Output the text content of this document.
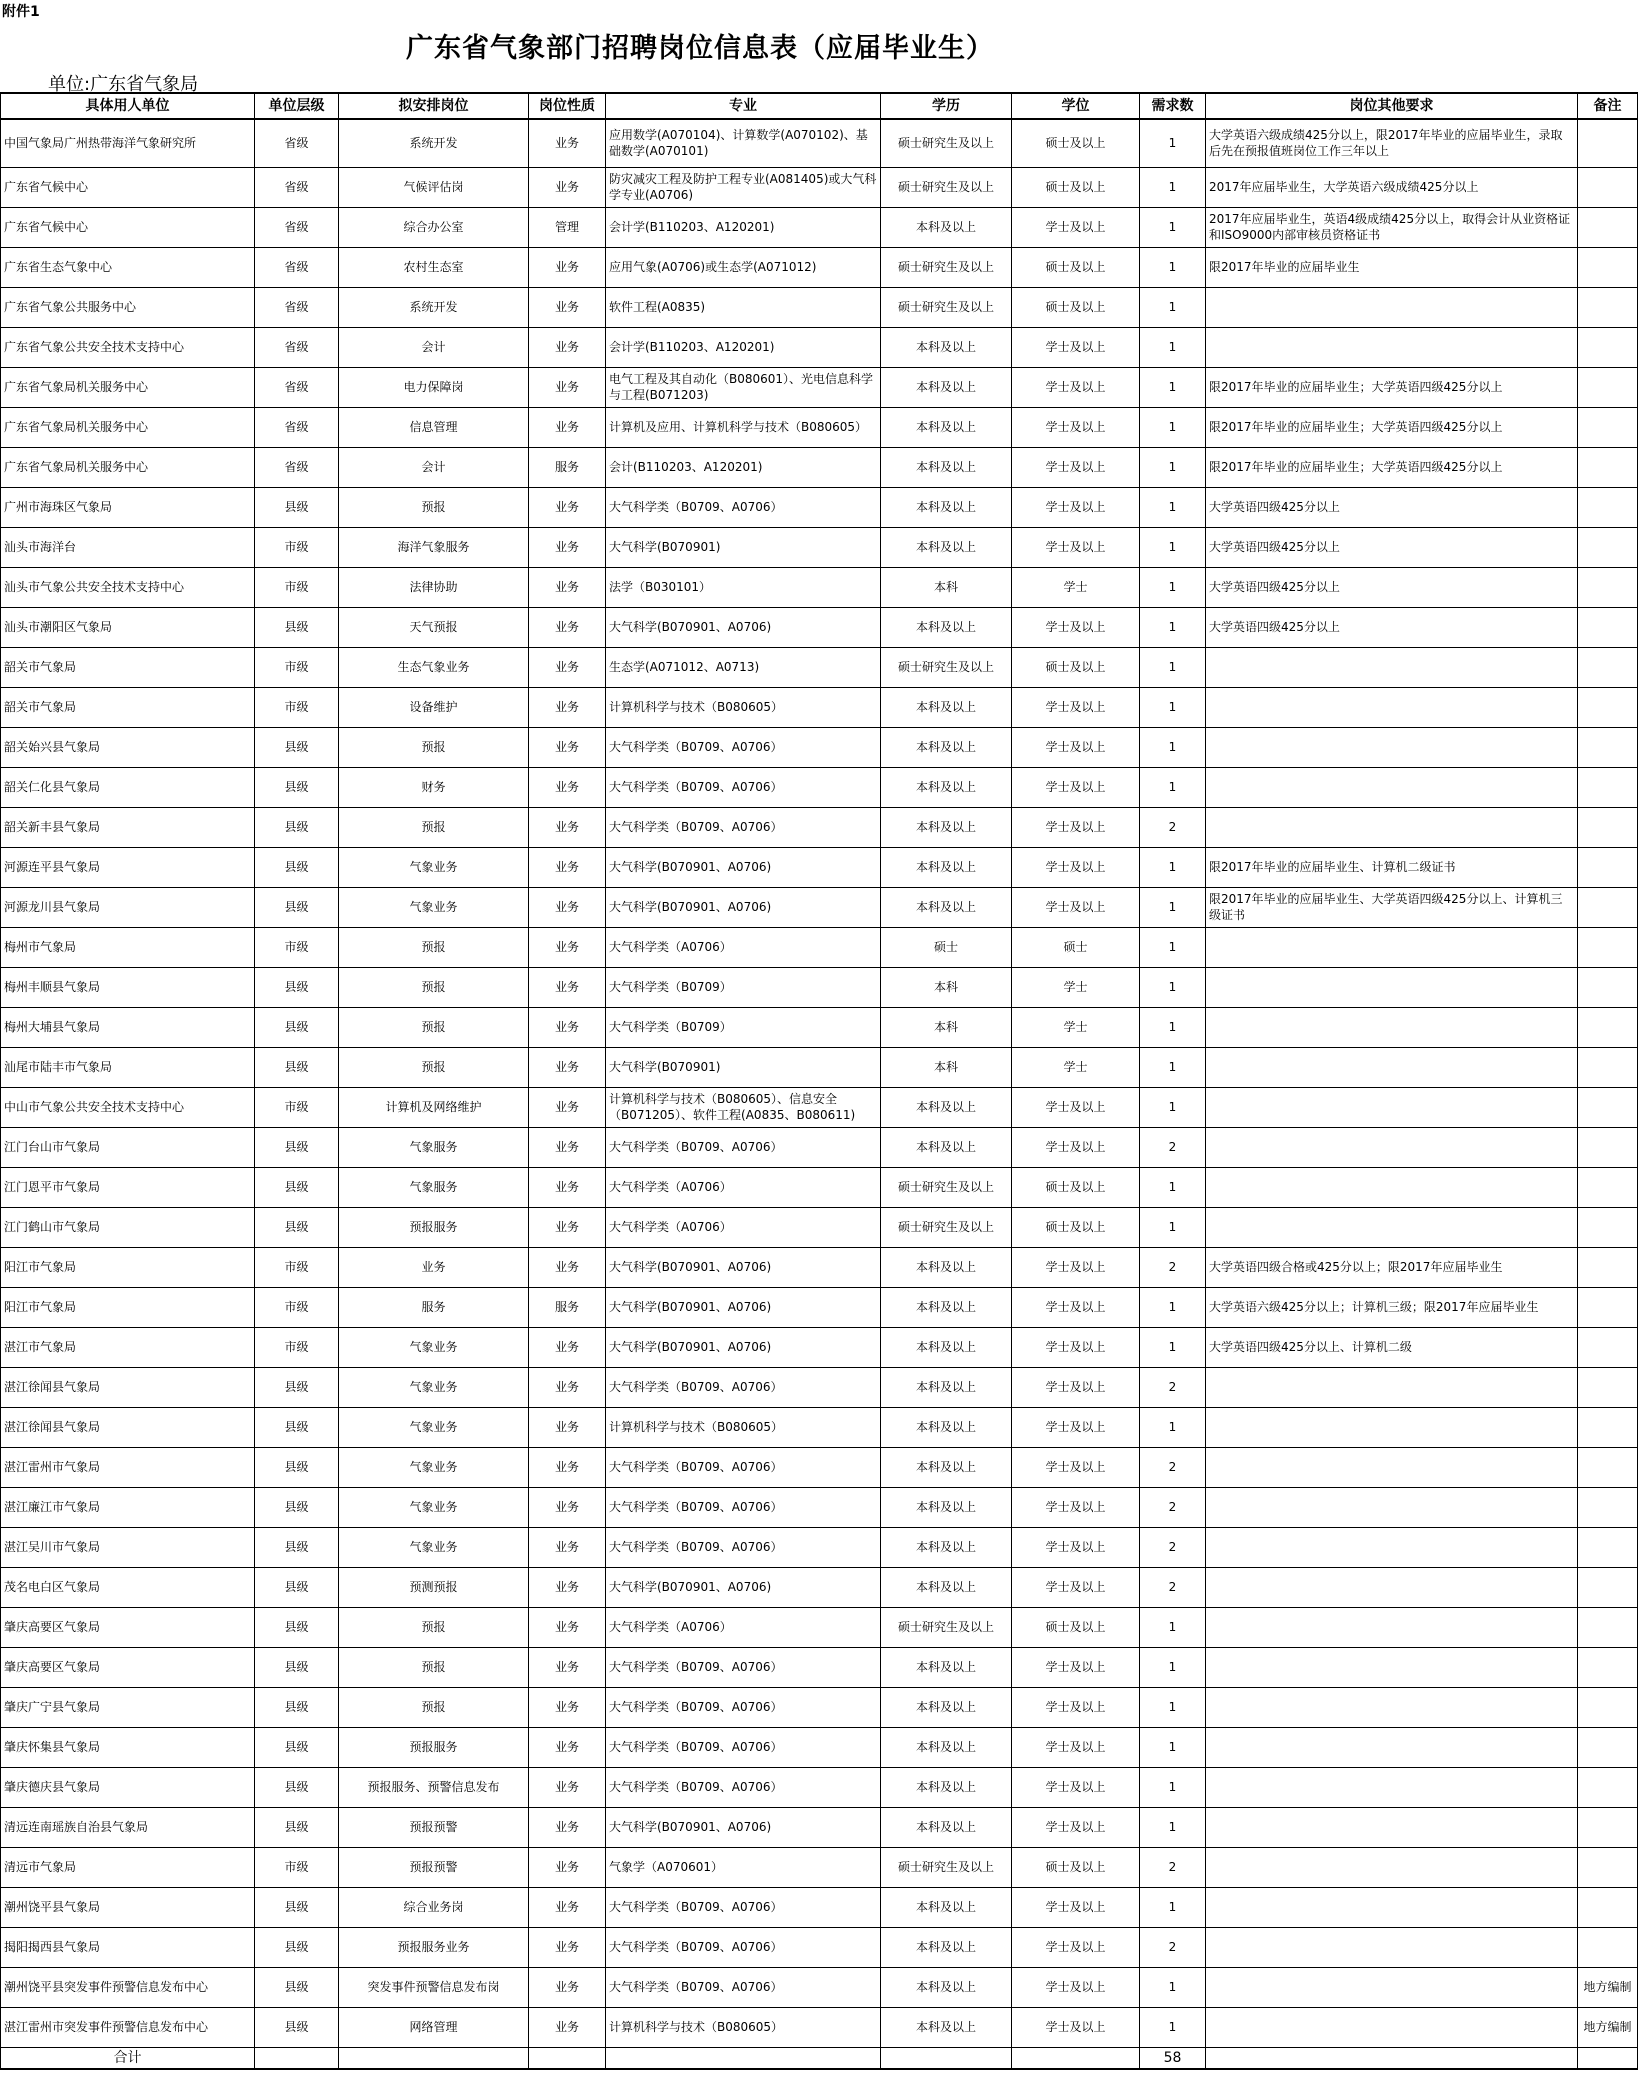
附件1
广东省气象部门招聘岗位信息表（应届毕业生）
单位:广东省气象局
具体用人单位	单位层级	拟安排岗位	岗位性质	专业	学历	学位	需求数	岗位其他要求	备注
中国气象局广州热带海洋气象研究所	省级	系统开发	业务	应用数学(A070104)、计算数学(A070102)、基础数学(A070101)	硕士研究生及以上	硕士及以上	1	大学英语六级成绩425分以上，限2017年毕业的应届毕业生，录取后先在预报值班岗位工作三年以上	
广东省气候中心	省级	气候评估岗	业务	防灾减灾工程及防护工程专业(A081405)或大气科学专业(A0706)	硕士研究生及以上	硕士及以上	1	2017年应届毕业生，大学英语六级成绩425分以上	
广东省气候中心	省级	综合办公室	管理	会计学(B110203、A120201)	本科及以上	学士及以上	1	2017年应届毕业生，英语4级成绩425分以上，取得会计从业资格证和ISO9000内部审核员资格证书	
广东省生态气象中心	省级	农村生态室	业务	应用气象(A0706)或生态学(A071012)	硕士研究生及以上	硕士及以上	1	限2017年毕业的应届毕业生	
广东省气象公共服务中心	省级	系统开发	业务	软件工程(A0835)	硕士研究生及以上	硕士及以上	1		
广东省气象公共安全技术支持中心	省级	会计	业务	会计学(B110203、A120201)	本科及以上	学士及以上	1		
广东省气象局机关服务中心	省级	电力保障岗	业务	电气工程及其自动化（B080601）、光电信息科学与工程(B071203)	本科及以上	学士及以上	1	限2017年毕业的应届毕业生；大学英语四级425分以上	
广东省气象局机关服务中心	省级	信息管理	业务	计算机及应用、计算机科学与技术（B080605）	本科及以上	学士及以上	1	限2017年毕业的应届毕业生；大学英语四级425分以上	
广东省气象局机关服务中心	省级	会计	服务	会计(B110203、A120201)	本科及以上	学士及以上	1	限2017年毕业的应届毕业生；大学英语四级425分以上	
广州市海珠区气象局	县级	预报	业务	大气科学类（B0709、A0706）	本科及以上	学士及以上	1	大学英语四级425分以上	
汕头市海洋台	市级	海洋气象服务	业务	大气科学(B070901)	本科及以上	学士及以上	1	大学英语四级425分以上	
汕头市气象公共安全技术支持中心	市级	法律协助	业务	法学（B030101）	本科	学士	1	大学英语四级425分以上	
汕头市潮阳区气象局	县级	天气预报	业务	大气科学(B070901、A0706)	本科及以上	学士及以上	1	大学英语四级425分以上	
韶关市气象局	市级	生态气象业务	业务	生态学(A071012、A0713)	硕士研究生及以上	硕士及以上	1		
韶关市气象局	市级	设备维护	业务	计算机科学与技术（B080605）	本科及以上	学士及以上	1		
韶关始兴县气象局	县级	预报	业务	大气科学类（B0709、A0706）	本科及以上	学士及以上	1		
韶关仁化县气象局	县级	财务	业务	大气科学类（B0709、A0706）	本科及以上	学士及以上	1		
韶关新丰县气象局	县级	预报	业务	大气科学类（B0709、A0706）	本科及以上	学士及以上	2		
河源连平县气象局	县级	气象业务	业务	大气科学(B070901、A0706)	本科及以上	学士及以上	1	限2017年毕业的应届毕业生、计算机二级证书	
河源龙川县气象局	县级	气象业务	业务	大气科学(B070901、A0706)	本科及以上	学士及以上	1	限2017年毕业的应届毕业生、大学英语四级425分以上、计算机三级证书	
梅州市气象局	市级	预报	业务	大气科学类（A0706）	硕士	硕士	1		
梅州丰顺县气象局	县级	预报	业务	大气科学类（B0709）	本科	学士	1		
梅州大埔县气象局	县级	预报	业务	大气科学类（B0709）	本科	学士	1		
汕尾市陆丰市气象局	县级	预报	业务	大气科学(B070901)	本科	学士	1		
中山市气象公共安全技术支持中心	市级	计算机及网络维护	业务	计算机科学与技术（B080605）、信息安全（B071205）、软件工程(A0835、B080611)	本科及以上	学士及以上	1		
江门台山市气象局	县级	气象服务	业务	大气科学类（B0709、A0706）	本科及以上	学士及以上	2		
江门恩平市气象局	县级	气象服务	业务	大气科学类（A0706）	硕士研究生及以上	硕士及以上	1		
江门鹤山市气象局	县级	预报服务	业务	大气科学类（A0706）	硕士研究生及以上	硕士及以上	1		
阳江市气象局	市级	业务	业务	大气科学(B070901、A0706)	本科及以上	学士及以上	2	大学英语四级合格或425分以上；限2017年应届毕业生	
阳江市气象局	市级	服务	服务	大气科学(B070901、A0706)	本科及以上	学士及以上	1	大学英语六级425分以上；计算机三级；限2017年应届毕业生	
湛江市气象局	市级	气象业务	业务	大气科学(B070901、A0706)	本科及以上	学士及以上	1	大学英语四级425分以上、计算机二级	
湛江徐闻县气象局	县级	气象业务	业务	大气科学类（B0709、A0706）	本科及以上	学士及以上	2		
湛江徐闻县气象局	县级	气象业务	业务	计算机科学与技术（B080605）	本科及以上	学士及以上	1		
湛江雷州市气象局	县级	气象业务	业务	大气科学类（B0709、A0706）	本科及以上	学士及以上	2		
湛江廉江市气象局	县级	气象业务	业务	大气科学类（B0709、A0706）	本科及以上	学士及以上	2		
湛江吴川市气象局	县级	气象业务	业务	大气科学类（B0709、A0706）	本科及以上	学士及以上	2		
茂名电白区气象局	县级	预测预报	业务	大气科学(B070901、A0706)	本科及以上	学士及以上	2		
肇庆高要区气象局	县级	预报	业务	大气科学类（A0706）	硕士研究生及以上	硕士及以上	1		
肇庆高要区气象局	县级	预报	业务	大气科学类（B0709、A0706）	本科及以上	学士及以上	1		
肇庆广宁县气象局	县级	预报	业务	大气科学类（B0709、A0706）	本科及以上	学士及以上	1		
肇庆怀集县气象局	县级	预报服务	业务	大气科学类（B0709、A0706）	本科及以上	学士及以上	1		
肇庆德庆县气象局	县级	预报服务、预警信息发布	业务	大气科学类（B0709、A0706）	本科及以上	学士及以上	1		
清远连南瑶族自治县气象局	县级	预报预警	业务	大气科学(B070901、A0706)	本科及以上	学士及以上	1		
清远市气象局	市级	预报预警	业务	气象学（A070601）	硕士研究生及以上	硕士及以上	2		
潮州饶平县气象局	县级	综合业务岗	业务	大气科学类（B0709、A0706）	本科及以上	学士及以上	1		
揭阳揭西县气象局	县级	预报服务业务	业务	大气科学类（B0709、A0706）	本科及以上	学士及以上	2		
潮州饶平县突发事件预警信息发布中心	县级	突发事件预警信息发布岗	业务	大气科学类（B0709、A0706）	本科及以上	学士及以上	1		地方编制
湛江雷州市突发事件预警信息发布中心	县级	网络管理	业务	计算机科学与技术（B080605）	本科及以上	学士及以上	1		地方编制
合计							58		
